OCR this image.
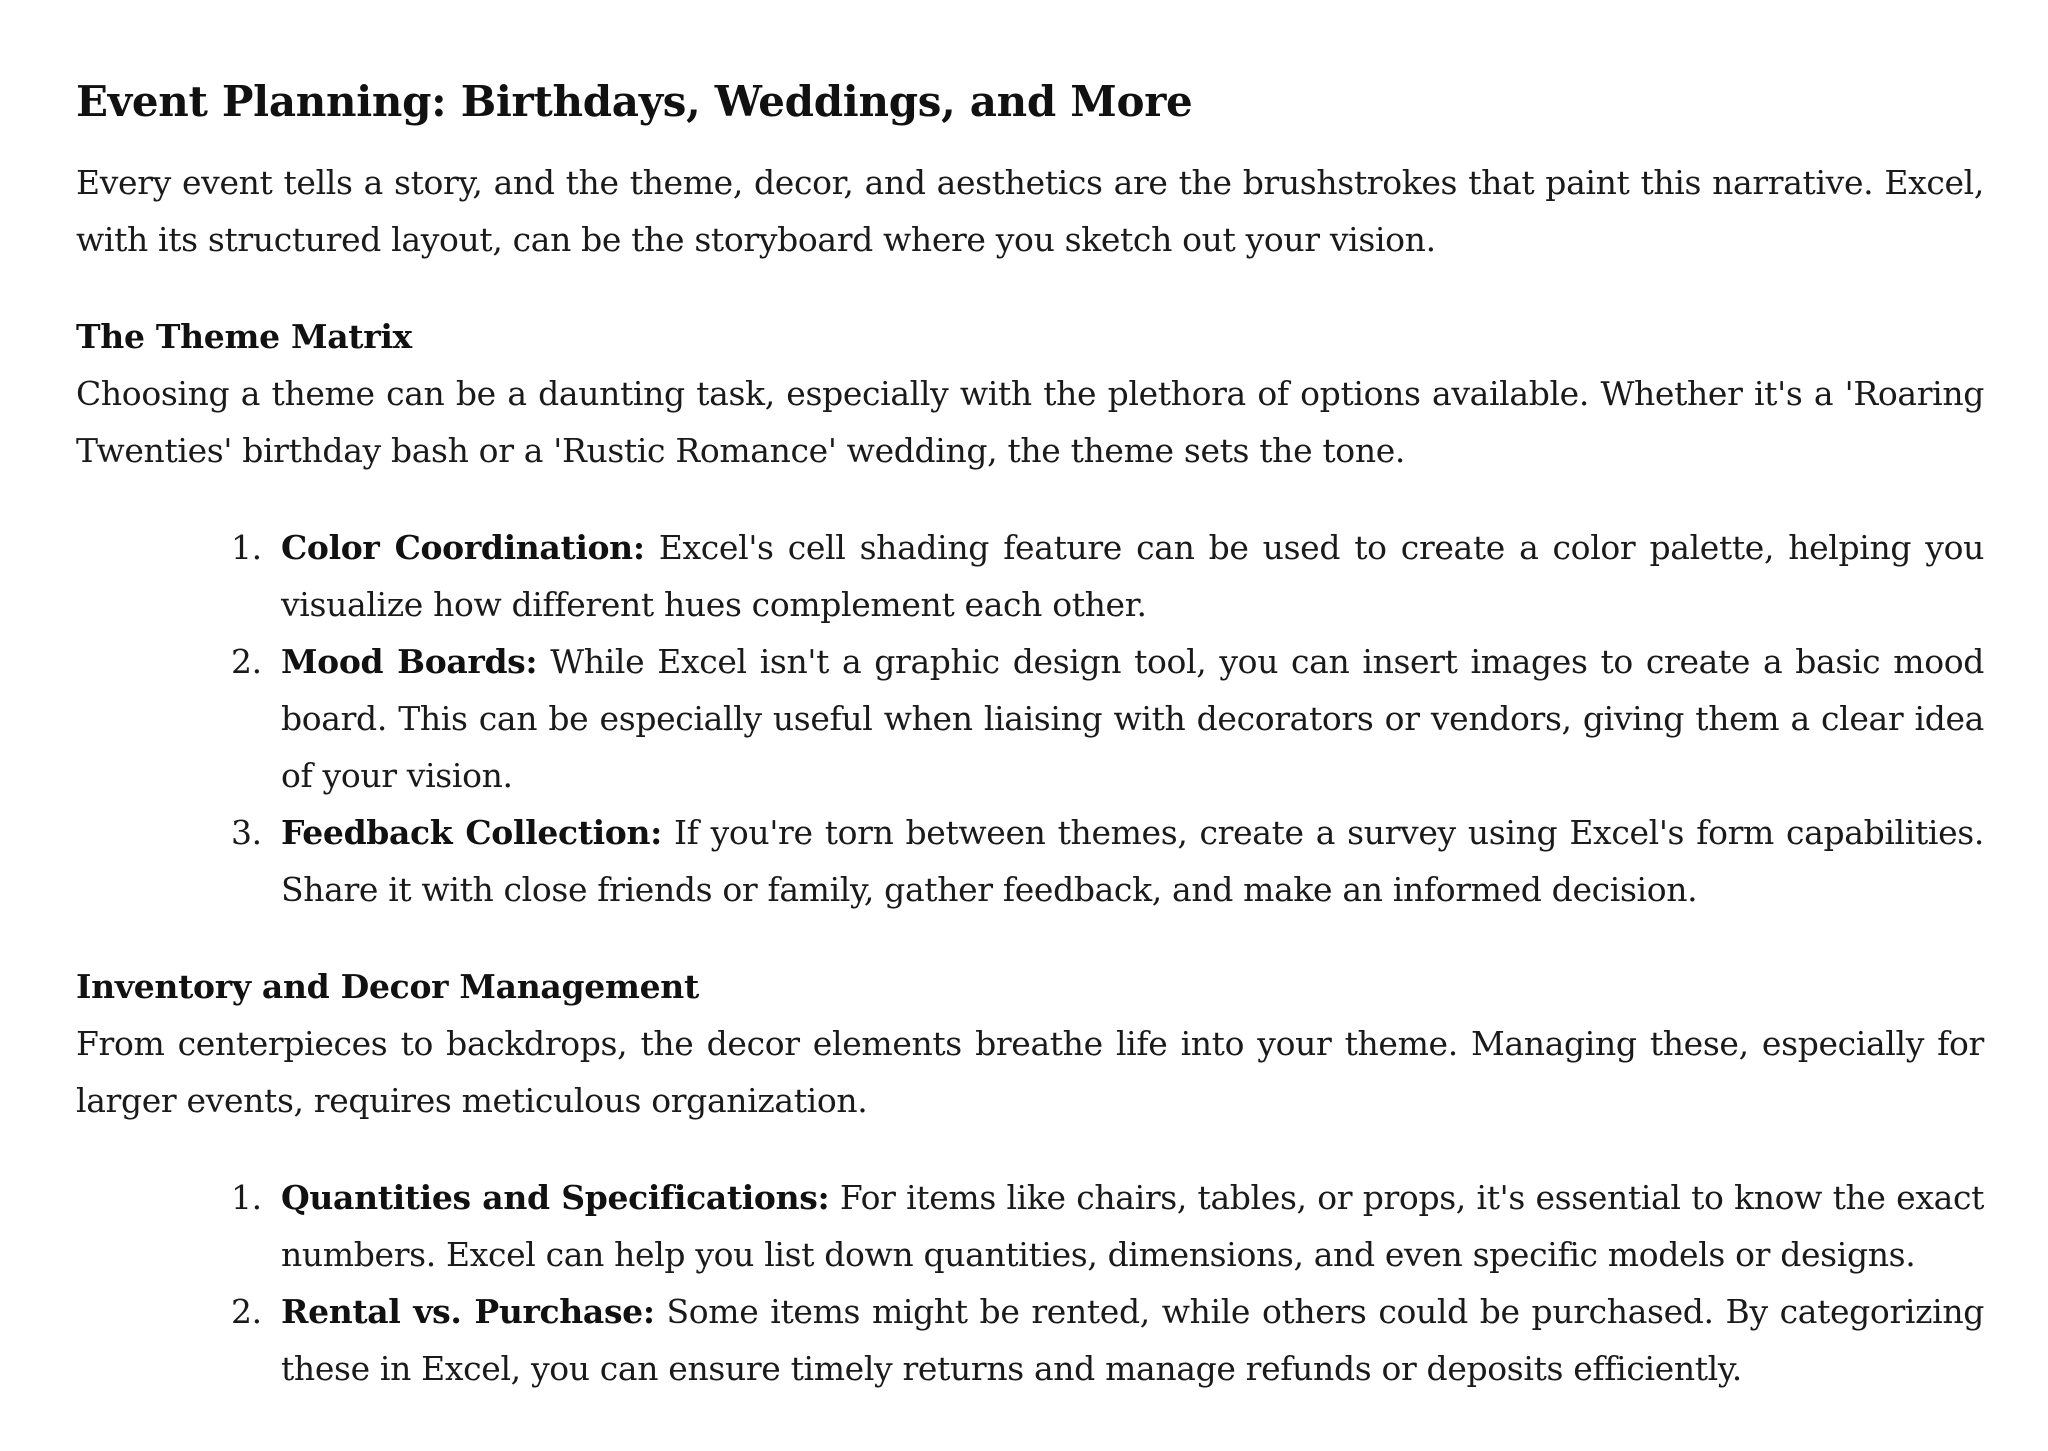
Event Planning: Birthdays, Weddings, and More

Every event tells a story, and the theme, decor, and aesthetics are the brushstrokes that paint this narrative. Excel, with its structured layout, can be the storyboard where you sketch out your vision.

The Theme Matrix

Choosing a theme can be a daunting task, especially with the plethora of options available. Whether it's a 'Roaring Twenties' birthday bash or a 'Rustic Romance' wedding, the theme sets the tone.

1. Color Coordination: Excel's cell shading feature can be used to create a color palette, helping you visualize how different hues complement each other.
2. Mood Boards: While Excel isn't a graphic design tool, you can insert images to create a basic mood board. This can be especially useful when liaising with decorators or vendors, giving them a clear idea of your vision.
3. Feedback Collection: If you're torn between themes, create a survey using Excel's form capabilities. Share it with close friends or family, gather feedback, and make an informed decision.
Inventory and Decor Management

From centerpieces to backdrops, the decor elements breathe life into your theme. Managing these, especially for larger events, requires meticulous organization.

1. Quantities and Specifications: For items like chairs, tables, or props, it's essential to know the exact numbers. Excel can help you list down quantities, dimensions, and even specific models or designs.
2. Rental vs. Purchase: Some items might be rented, while others could be purchased. By categorizing these in Excel, you can ensure timely returns and manage refunds or deposits efficiently.
